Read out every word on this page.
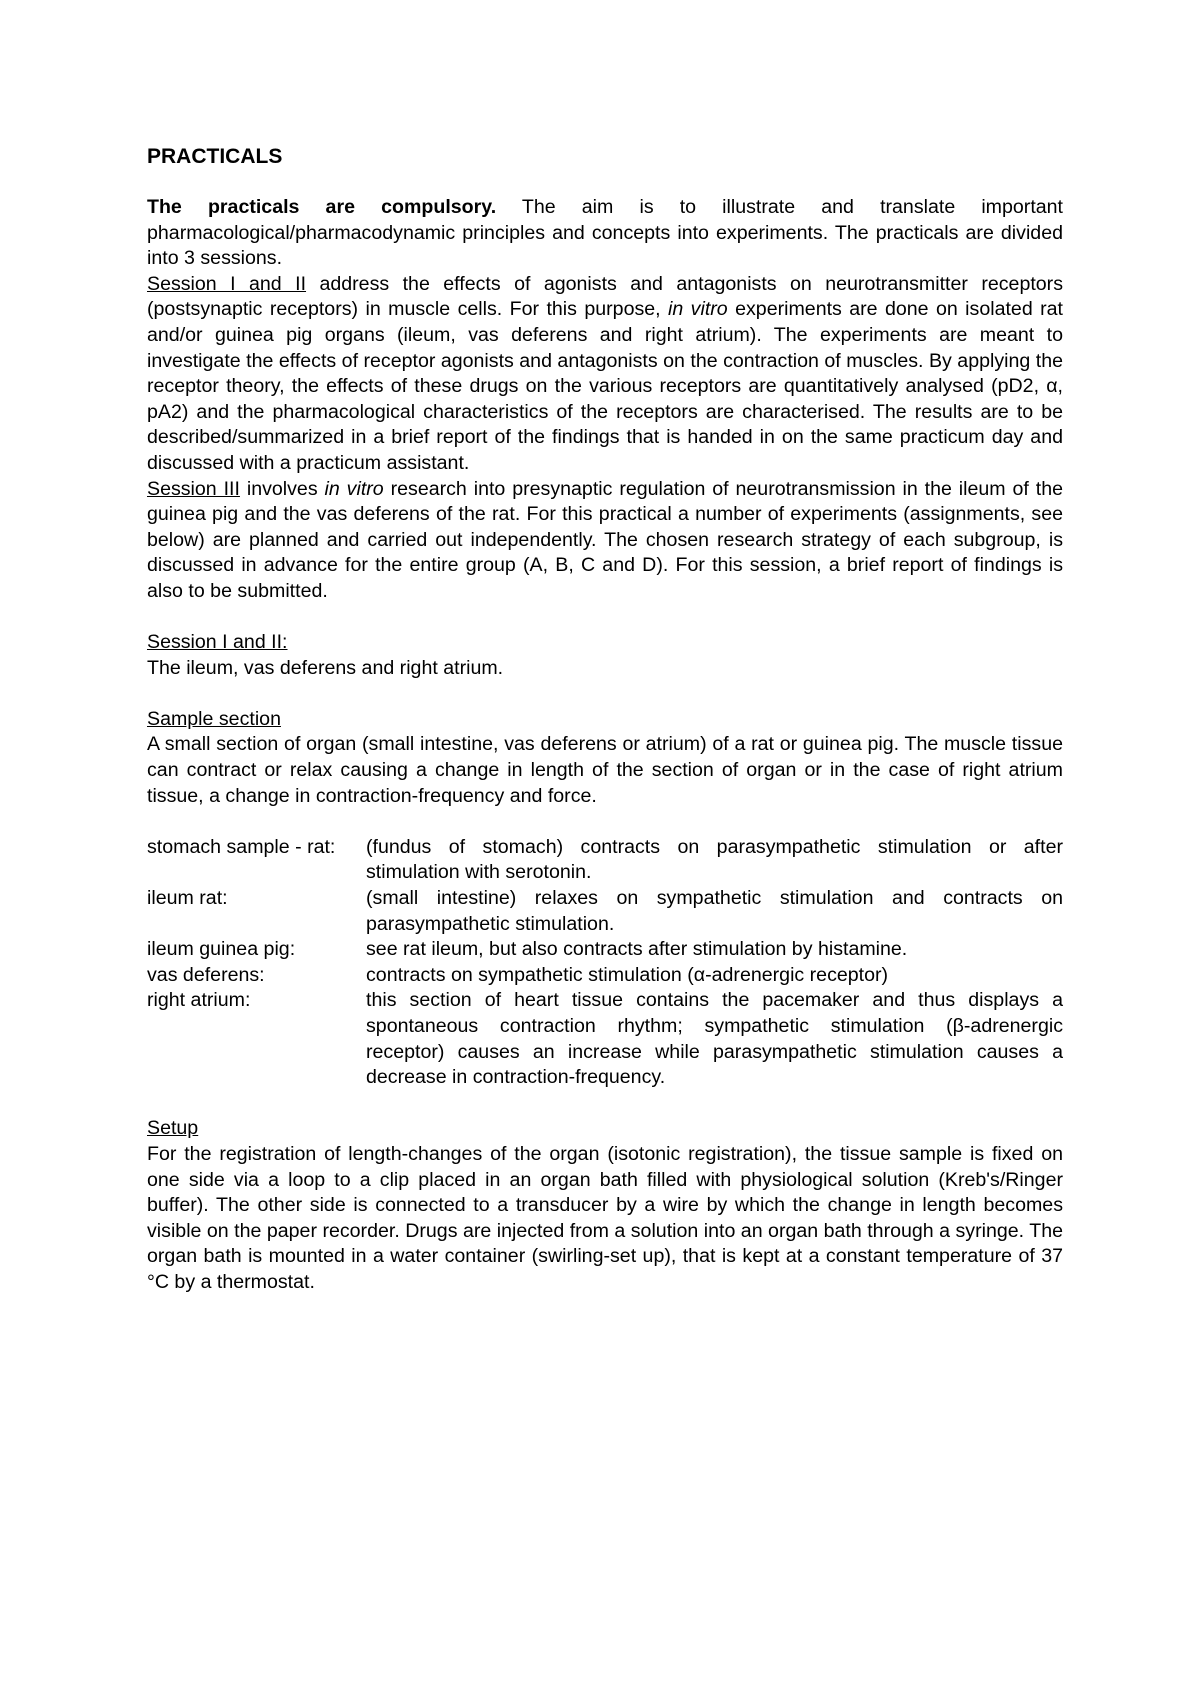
PRACTICALS

The practicals are compulsory. The aim is to illustrate and translate important pharmacological/pharmacodynamic principles and concepts into experiments. The practicals are divided into 3 sessions.

Session I and II address the effects of agonists and antagonists on neurotransmitter receptors (postsynaptic receptors) in muscle cells. For this purpose, in vitro experiments are done on isolated rat and/or guinea pig organs (ileum, vas deferens and right atrium). The experiments are meant to investigate the effects of receptor agonists and antagonists on the contraction of muscles. By applying the receptor theory, the effects of these drugs on the various receptors are quantitatively analysed (pD2, α, pA2) and the pharmacological characteristics of the receptors are characterised. The results are to be described/summarized in a brief report of the findings that is handed in on the same practicum day and discussed with a practicum assistant.

Session III involves in vitro research into presynaptic regulation of neurotransmission in the ileum of the guinea pig and the vas deferens of the rat. For this practical a number of experiments (assignments, see below) are planned and carried out independently. The chosen research strategy of each subgroup, is discussed in advance for the entire group (A, B, C and D). For this session, a brief report of findings is also to be submitted.

Session I and II:

The ileum, vas deferens and right atrium.

Sample section

A small section of organ (small intestine, vas deferens or atrium) of a rat or guinea pig. The muscle tissue can contract or relax causing a change in length of the section of organ or in the case of right atrium tissue, a change in contraction-frequency and force.

stomach sample - rat:	(fundus of stomach) contracts on parasympathetic stimulation or after stimulation with serotonin.
ileum rat:	(small intestine) relaxes on sympathetic stimulation and contracts on parasympathetic stimulation.
ileum guinea pig:	see rat ileum, but also contracts after stimulation by histamine.
vas deferens:	contracts on sympathetic stimulation (α-adrenergic receptor)
right atrium:	this section of heart tissue contains the pacemaker and thus displays a spontaneous contraction rhythm; sympathetic stimulation (β-adrenergic receptor) causes an increase while parasympathetic stimulation causes a decrease in contraction-frequency.

Setup

For the registration of length-changes of the organ (isotonic registration), the tissue sample is fixed on one side via a loop to a clip placed in an organ bath filled with physiological solution (Kreb's/Ringer buffer). The other side is connected to a transducer by a wire by which the change in length becomes visible on the paper recorder. Drugs are injected from a solution into an organ bath through a syringe. The organ bath is mounted in a water container (swirling-set up), that is kept at a constant temperature of 37 °C by a thermostat.
